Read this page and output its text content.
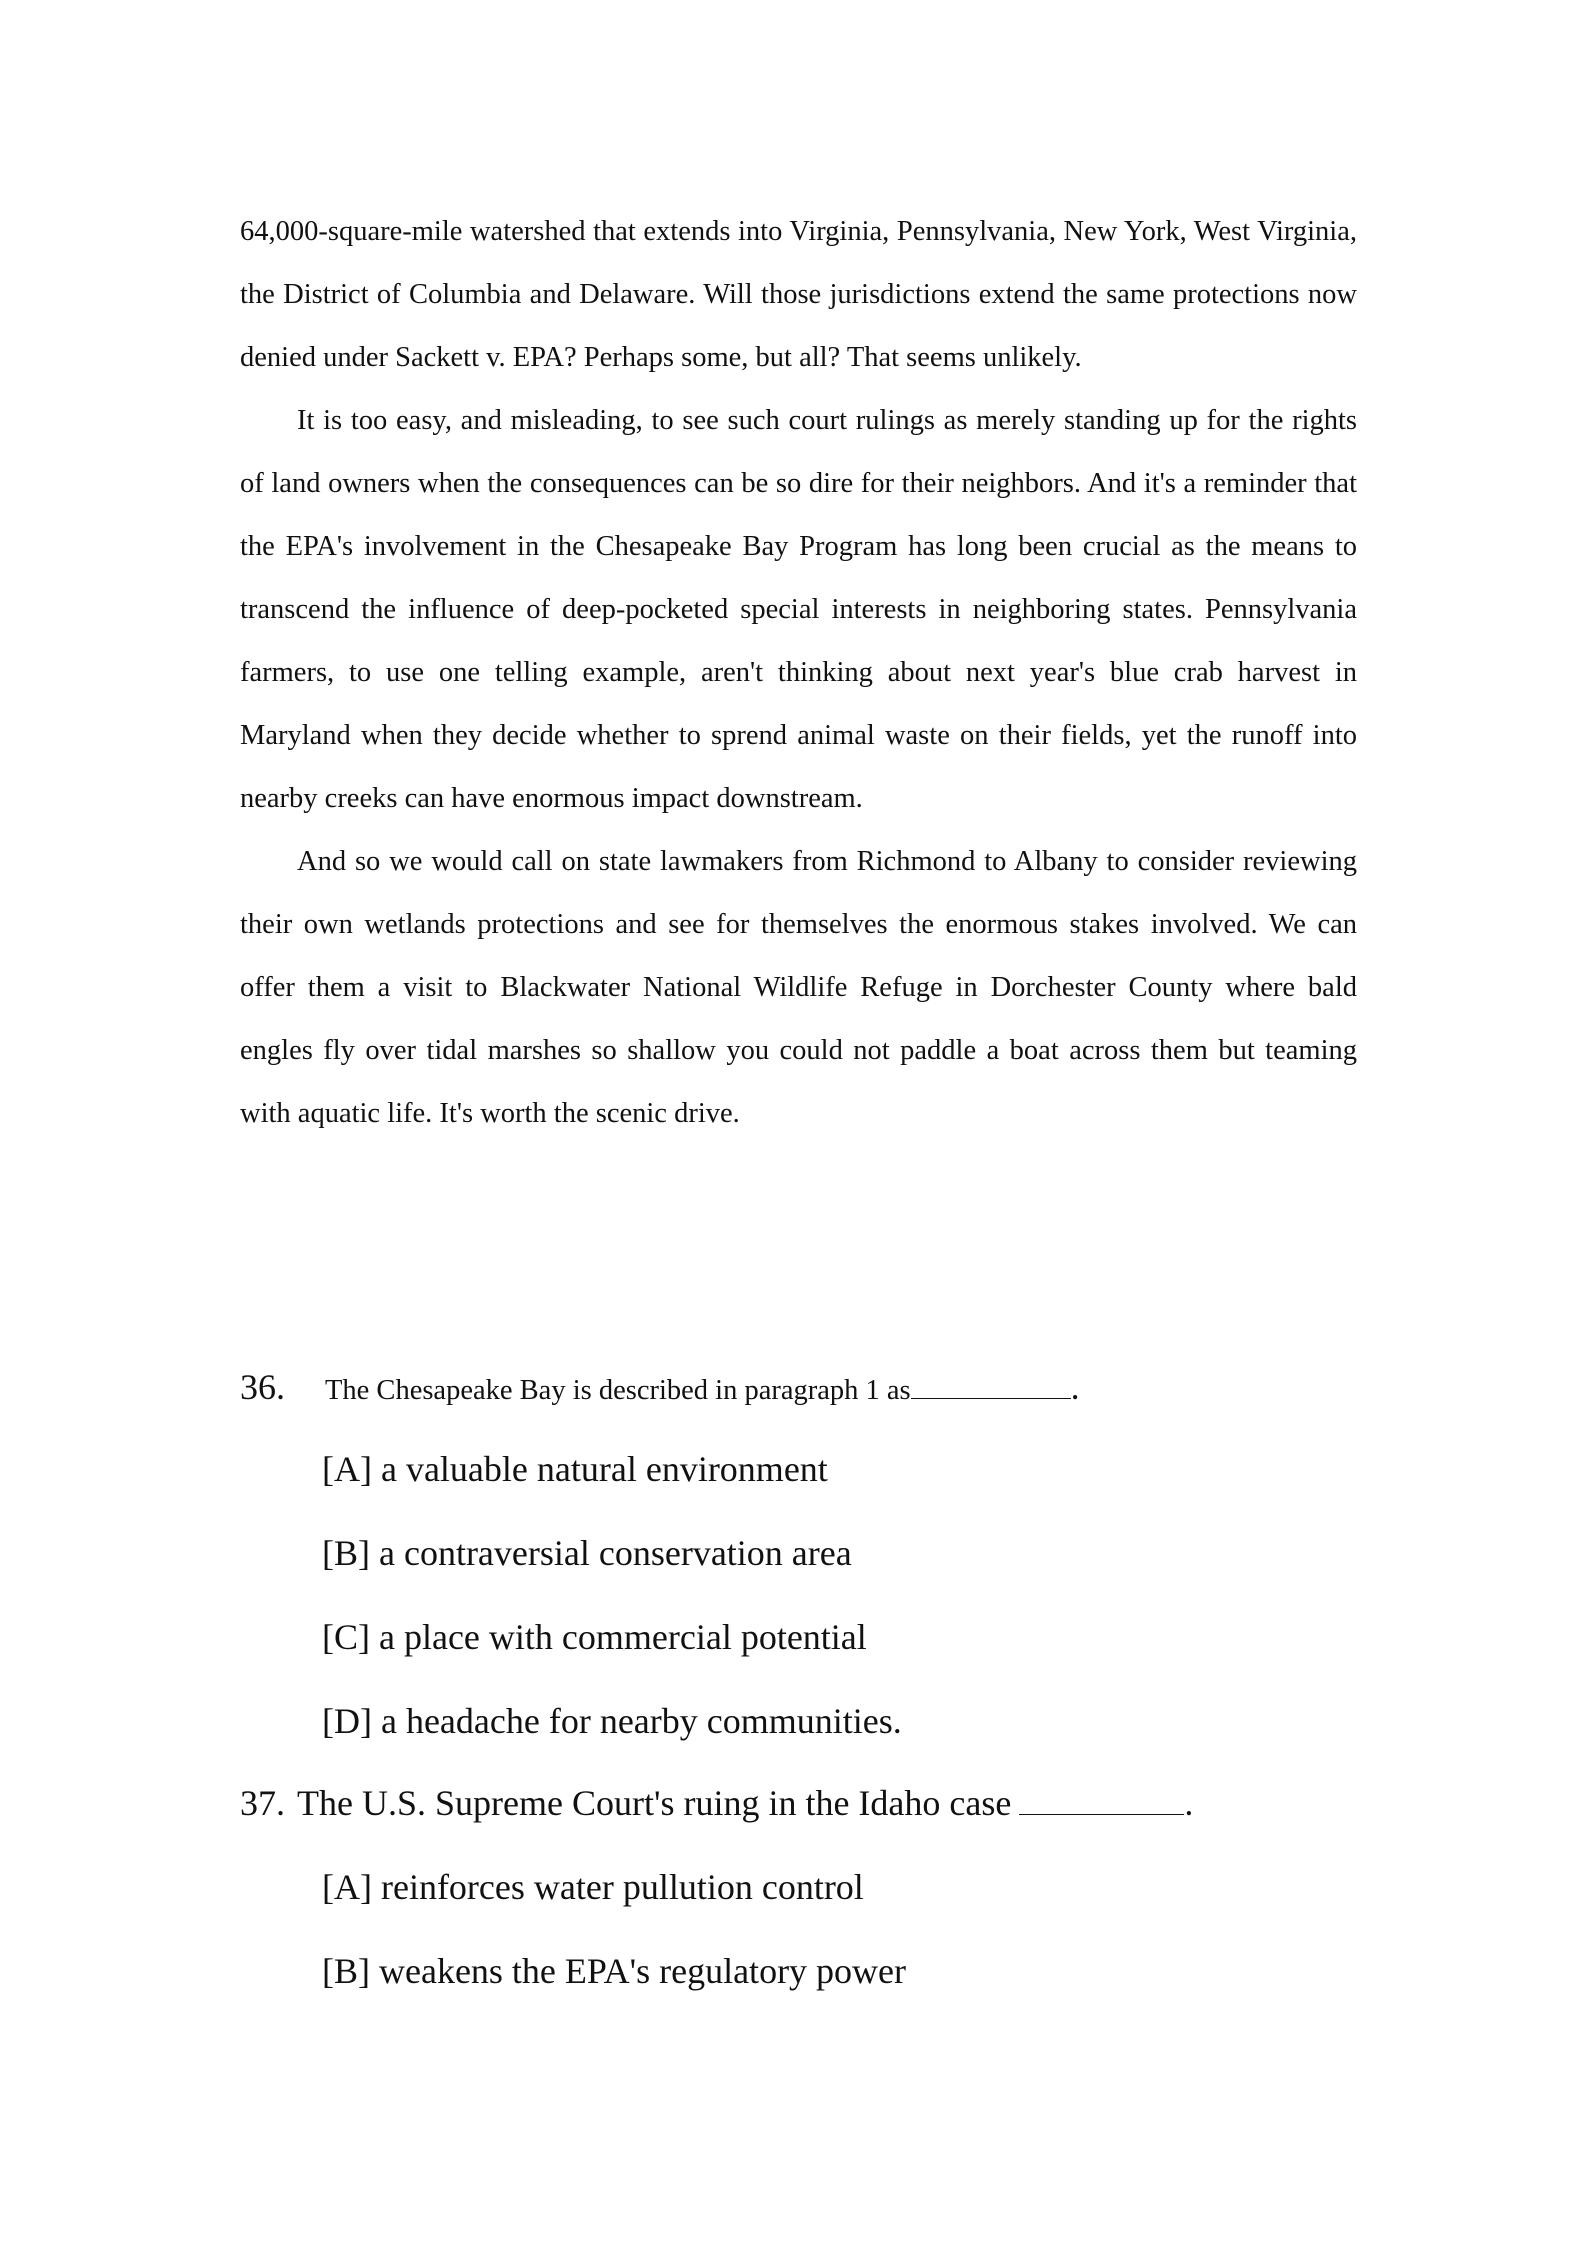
64,000-square-mile watershed that extends into Virginia, Pennsylvania, New York, West Virginia, the District of Columbia and Delaware. Will those jurisdictions extend the same protections now denied under Sackett v. EPA? Perhaps some, but all? That seems unlikely.

It is too easy, and misleading, to see such court rulings as merely standing up for the rights of land owners when the consequences can be so dire for their neighbors. And it's a reminder that the EPA's involvement in the Chesapeake Bay Program has long been crucial as the means to transcend the influence of deep-pocketed special interests in neighboring states. Pennsylvania farmers, to use one telling example, aren't thinking about next year's blue crab harvest in Maryland when they decide whether to sprend animal waste on their fields, yet the runoff into nearby creeks can have enormous impact downstream.

And so we would call on state lawmakers from Richmond to Albany to consider reviewing their own wetlands protections and see for themselves the enormous stakes involved. We can offer them a visit to Blackwater National Wildlife Refuge in Dorchester County where bald engles fly over tidal marshes so shallow you could not paddle a boat across them but teaming with aquatic life. It's worth the scenic drive.

36. The Chesapeake Bay is described in paragraph 1 as	.
[A] a valuable natural environment
[B] a contraversial conservation area
[C] a place with commercial potential
[D] a headache for nearby communities.
37. The U.S. Supreme Court's ruing in the Idaho case	.
[A] reinforces water pullution control
[B] weakens the EPA's regulatory power
